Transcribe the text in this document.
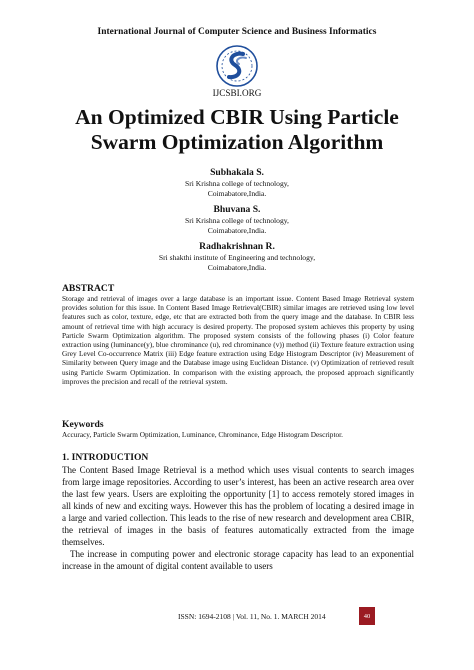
International Journal of Computer Science and Business Informatics
IJCSBI.ORG
An Optimized CBIR Using Particle Swarm Optimization Algorithm
Subhakala S.
Sri Krishna college of technology,
Coimabatore,India.
Bhuvana S.
Sri Krishna college of technology,
Coimabatore,India.
Radhakrishnan R.
Sri shakthi institute of Engineering and technology,
Coimabatore,India.
ABSTRACT

Storage and retrieval of images over a large database is an important issue. Content Based Image Retrieval system provides solution for this issue. In Content Based Image Retrieval(CBIR) similar images are retrieved using low level features such as color, texture, edge, etc that are extracted both from the query image and the database. In CBIR less amount of retrieval time with high accuracy is desired property. The proposed system achieves this property by using Particle Swarm Optimization algorithm. The proposed system consists of the following phases (i) Color feature extraction using (luminance(y), blue chrominance (u), red chrominance (v)) method (ii) Texture feature extraction using Grey Level Co-occurrence Matrix (iii) Edge feature extraction using Edge Histogram Descriptor (iv) Measurement of Similarity between Query image and the Database image using Euclidean Distance. (v) Optimization of retrieved result using Particle Swarm Optimization. In comparison with the existing approach, the proposed approach significantly improves the precision and recall of the retrieval system.

Keywords

Accuracy, Particle Swarm Optimization, Luminance, Chrominance, Edge Histogram Descriptor.

1. INTRODUCTION

The Content Based Image Retrieval is a method which uses visual contents to search images from large image repositories. According to user’s interest, has been an active research area over the last few years. Users are exploiting the opportunity [1] to access remotely stored images in all kinds of new and exciting ways. However this has the problem of locating a desired image in a large and varied collection. This leads to the rise of new research and development area CBIR, the retrieval of images in the basis of features automatically extracted from the image themselves.

The increase in computing power and electronic storage capacity has lead to an exponential increase in the amount of digital content available to users

ISSN: 1694-2108 | Vol. 11, No. 1. MARCH 2014	40
